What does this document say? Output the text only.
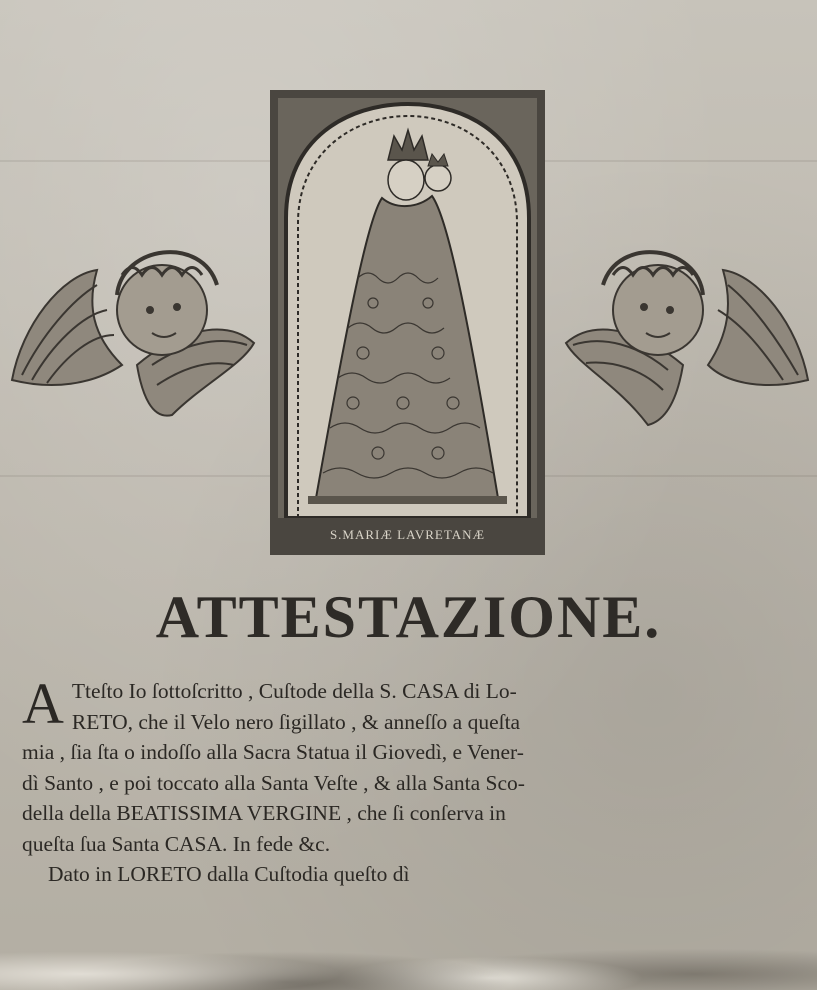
S.MARIÆ LAVRETANÆ
ATTESTAZIONE.
A Tteſto Io ſottoſcritto , Cuſtode della S. CASA di Lo-
RETO, che il Velo nero ſigillato , & anneſſo a queſta
mia , ſia ſta o indoſſo alla Sacra Statua il Giovedì, e Vener-
dì Santo , e poi toccato alla Santa Veſte , & alla Santa Sco-
della della BEATISSIMA VERGINE , che ſi conſerva in
queſta ſua Santa CASA. In fede &c.
Dato in LORETO dalla Cuſtodia queſto dì
